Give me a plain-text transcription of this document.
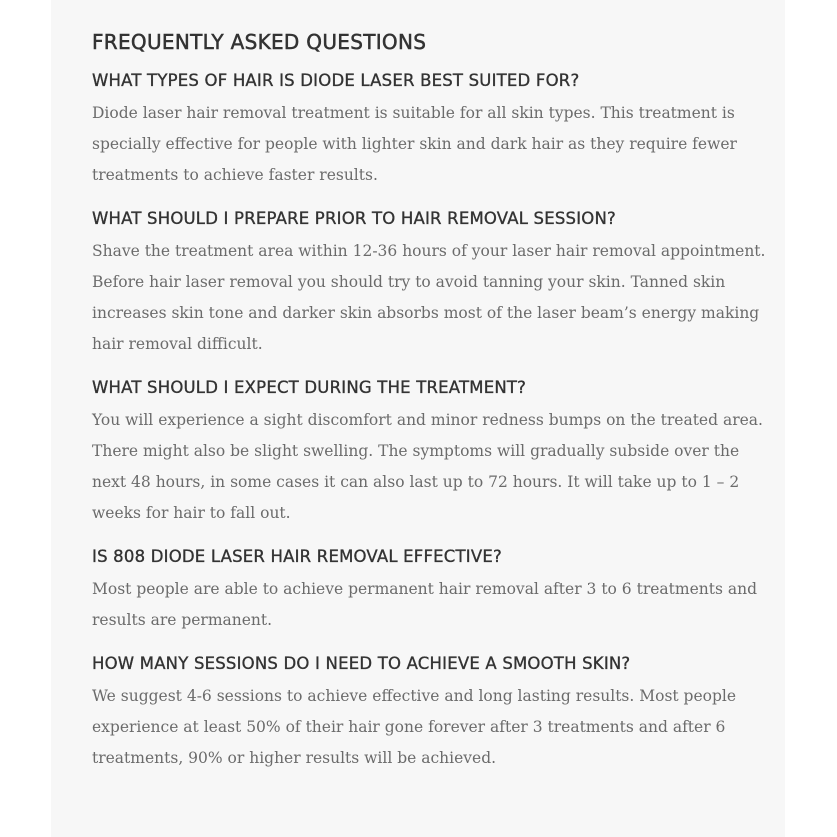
FREQUENTLY ASKED QUESTIONS
WHAT TYPES OF HAIR IS DIODE LASER BEST SUITED FOR?

Diode laser hair removal treatment is suitable for all skin types. This treatment is specially effective for people with lighter skin and dark hair as they require fewer treatments to achieve faster results.

WHAT SHOULD I PREPARE PRIOR TO HAIR REMOVAL SESSION?

Shave the treatment area within 12-36 hours of your laser hair removal appointment. Before hair laser removal you should try to avoid tanning your skin. Tanned skin increases skin tone and darker skin absorbs most of the laser beam’s energy making hair removal difficult.

WHAT SHOULD I EXPECT DURING THE TREATMENT?

You will experience a sight discomfort and minor redness bumps on the treated area. There might also be slight swelling. The symptoms will gradually subside over the next 48 hours, in some cases it can also last up to 72 hours. It will take up to 1 – 2 weeks for hair to fall out.

IS 808 DIODE LASER HAIR REMOVAL EFFECTIVE?

Most people are able to achieve permanent hair removal after 3 to 6 treatments and results are permanent.

HOW MANY SESSIONS DO I NEED TO ACHIEVE A SMOOTH SKIN?

We suggest 4-6 sessions to achieve effective and long lasting results. Most people experience at least 50% of their hair gone forever after 3 treatments and after 6 treatments, 90% or higher results will be achieved.
